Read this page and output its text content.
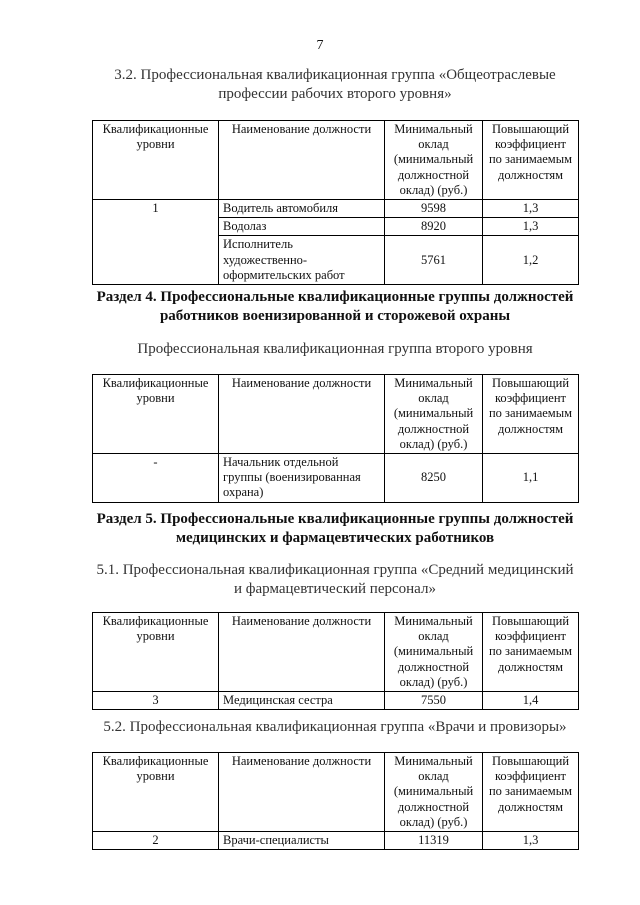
7
3.2. Профессиональная квалификационная группа «Общеотраслевые
профессии рабочих второго уровня»
Квалификационные уровни	Наименование должности	Минимальный оклад (минимальный должностной оклад) (руб.)	Повышающий коэффициент по занимаемым должностям
1	Водитель автомобиля	9598	1,3
	Водолаз	8920	1,3
	Исполнитель художественно-оформительских работ	5761	1,2
Раздел 4. Профессиональные квалификационные группы должностей
работников военизированной и сторожевой охраны
Профессиональная квалификационная группа второго уровня
Квалификационные уровни	Наименование должности	Минимальный оклад (минимальный должностной оклад) (руб.)	Повышающий коэффициент по занимаемым должностям
-	Начальник отдельной группы (военизированная охрана)	8250	1,1
Раздел 5. Профессиональные квалификационные группы должностей
медицинских и фармацевтических работников
5.1. Профессиональная квалификационная группа «Средний медицинский
и фармацевтический персонал»
Квалификационные уровни	Наименование должности	Минимальный оклад (минимальный должностной оклад) (руб.)	Повышающий коэффициент по занимаемым должностям
3	Медицинская сестра	7550	1,4
5.2. Профессиональная квалификационная группа «Врачи и провизоры»
Квалификационные уровни	Наименование должности	Минимальный оклад (минимальный должностной оклад) (руб.)	Повышающий коэффициент по занимаемым должностям
2	Врачи-специалисты	11319	1,3
